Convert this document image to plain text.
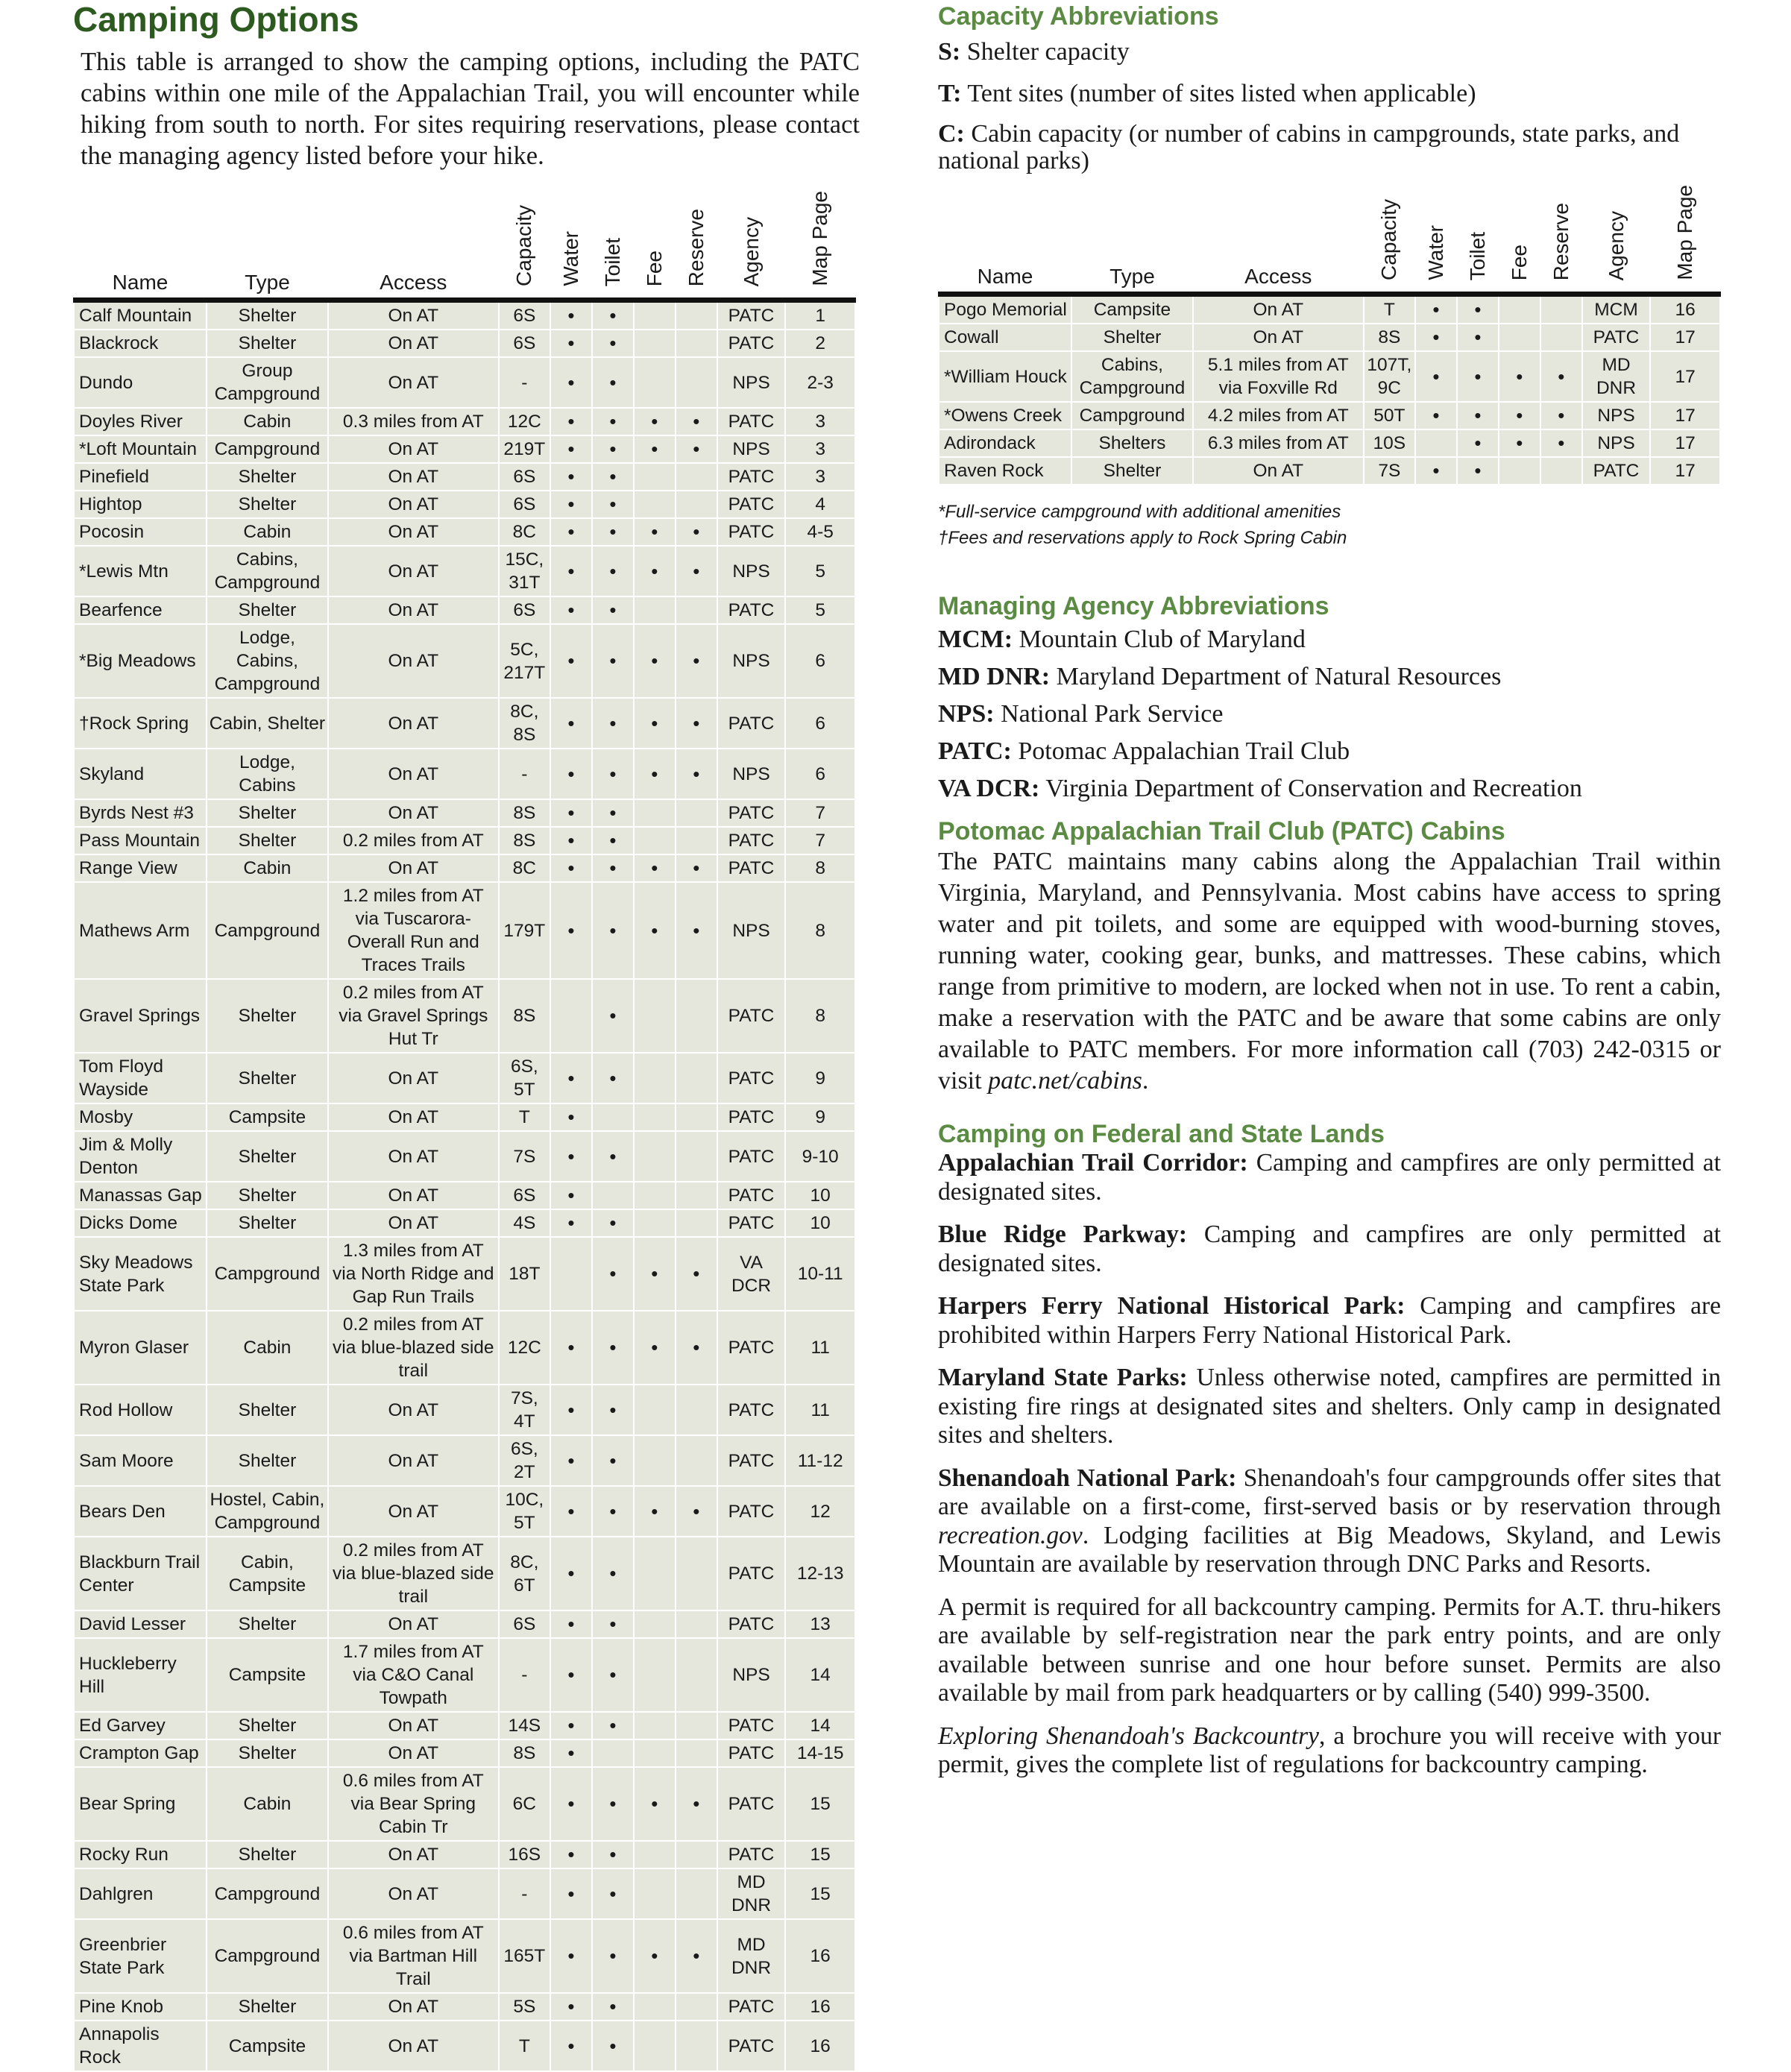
Camping Options

This table is arranged to show the camping options, including the PATC cabins within one mile of the Appalachian Trail, you will encounter while hiking from south to north. For sites requiring reservations, please contact the managing agency listed before your hike.

Name	Type	Access	Capacity	Water	Toilet	Fee	Reserve	Agency	Map Page
Calf Mountain	Shelter	On AT	6S	•	•			PATC	1
Blackrock	Shelter	On AT	6S	•	•			PATC	2
Dundo	Group Campground	On AT	-	•	•			NPS	2-3
Doyles River	Cabin	0.3 miles from AT	12C	•	•	•	•	PATC	3
*Loft Mountain	Campground	On AT	219T	•	•	•	•	NPS	3
Pinefield	Shelter	On AT	6S	•	•			PATC	3
Hightop	Shelter	On AT	6S	•	•			PATC	4
Pocosin	Cabin	On AT	8C	•	•	•	•	PATC	4-5
*Lewis Mtn	Cabins, Campground	On AT	15C, 31T	•	•	•	•	NPS	5
Bearfence	Shelter	On AT	6S	•	•			PATC	5
*Big Meadows	Lodge, Cabins, Campground	On AT	5C, 217T	•	•	•	•	NPS	6
†Rock Spring	Cabin, Shelter	On AT	8C, 8S	•	•	•	•	PATC	6
Skyland	Lodge, Cabins	On AT	-	•	•	•	•	NPS	6
Byrds Nest #3	Shelter	On AT	8S	•	•			PATC	7
Pass Mountain	Shelter	0.2 miles from AT	8S	•	•			PATC	7
Range View	Cabin	On AT	8C	•	•	•	•	PATC	8
Mathews Arm	Campground	1.2 miles from AT via Tuscarora-Overall Run and Traces Trails	179T	•	•	•	•	NPS	8
Gravel Springs	Shelter	0.2 miles from AT via Gravel Springs Hut Tr	8S		•			PATC	8
Tom Floyd Wayside	Shelter	On AT	6S, 5T	•	•			PATC	9
Mosby	Campsite	On AT	T	•				PATC	9
Jim & Molly Denton	Shelter	On AT	7S	•	•			PATC	9-10
Manassas Gap	Shelter	On AT	6S	•				PATC	10
Dicks Dome	Shelter	On AT	4S	•	•			PATC	10
Sky Meadows State Park	Campground	1.3 miles from AT via North Ridge and Gap Run Trails	18T		•	•	•	VA DCR	10-11
Myron Glaser	Cabin	0.2 miles from AT via blue-blazed side trail	12C	•	•	•	•	PATC	11
Rod Hollow	Shelter	On AT	7S, 4T	•	•			PATC	11
Sam Moore	Shelter	On AT	6S, 2T	•	•			PATC	11-12
Bears Den	Hostel, Cabin, Campground	On AT	10C, 5T	•	•	•	•	PATC	12
Blackburn Trail Center	Cabin, Campsite	0.2 miles from AT via blue-blazed side trail	8C, 6T	•	•			PATC	12-13
David Lesser	Shelter	On AT	6S	•	•			PATC	13
Huckleberry Hill	Campsite	1.7 miles from AT via C&O Canal Towpath	-	•	•			NPS	14
Ed Garvey	Shelter	On AT	14S	•	•			PATC	14
Crampton Gap	Shelter	On AT	8S	•				PATC	14-15
Bear Spring	Cabin	0.6 miles from AT via Bear Spring Cabin Tr	6C	•	•	•	•	PATC	15
Rocky Run	Shelter	On AT	16S	•	•			PATC	15
Dahlgren	Campground	On AT	-	•	•			MD DNR	15
Greenbrier State Park	Campground	0.6 miles from AT via Bartman Hill Trail	165T	•	•	•	•	MD DNR	16
Pine Knob	Shelter	On AT	5S	•	•			PATC	16
Annapolis Rock	Campsite	On AT	T	•	•			PATC	16
Capacity Abbreviations

S: Shelter capacity

T: Tent sites (number of sites listed when applicable)

C: Cabin capacity (or number of cabins in campgrounds, state parks, and national parks)

Name	Type	Access	Capacity	Water	Toilet	Fee	Reserve	Agency	Map Page
Pogo Memorial	Campsite	On AT	T	•	•			MCM	16
Cowall	Shelter	On AT	8S	•	•			PATC	17
*William Houck	Cabins, Campground	5.1 miles from AT via Foxville Rd	107T, 9C	•	•	•	•	MD DNR	17
*Owens Creek	Campground	4.2 miles from AT	50T	•	•	•	•	NPS	17
Adirondack	Shelters	6.3 miles from AT	10S		•	•	•	NPS	17
Raven Rock	Shelter	On AT	7S	•	•			PATC	17
*Full-service campground with additional amenities
†Fees and reservations apply to Rock Spring Cabin
Managing Agency Abbreviations

MCM: Mountain Club of Maryland

MD DNR: Maryland Department of Natural Resources

NPS: National Park Service

PATC: Potomac Appalachian Trail Club

VA DCR: Virginia Department of Conservation and Recreation

Potomac Appalachian Trail Club (PATC) Cabins

The PATC maintains many cabins along the Appalachian Trail within Virginia, Maryland, and Pennsylvania. Most cabins have access to spring water and pit toilets, and some are equipped with wood-burning stoves, running water, cooking gear, bunks, and mattresses. These cabins, which range from primitive to modern, are locked when not in use. To rent a cabin, make a reservation with the PATC and be aware that some cabins are only available to PATC members. For more information call (703) 242-0315 or visit patc.net/cabins.

Camping on Federal and State Lands

Appalachian Trail Corridor: Camping and campfires are only permitted at designated sites.

Blue Ridge Parkway: Camping and campfires are only permitted at designated sites.

Harpers Ferry National Historical Park: Camping and campfires are prohibited within Harpers Ferry National Historical Park.

Maryland State Parks: Unless otherwise noted, campfires are permitted in existing fire rings at designated sites and shelters. Only camp in designated sites and shelters.

Shenandoah National Park: Shenandoah's four campgrounds offer sites that are available on a first-come, first-served basis or by reservation through recreation.gov. Lodging facilities at Big Meadows, Skyland, and Lewis Mountain are available by reservation through DNC Parks and Resorts.

A permit is required for all backcountry camping. Permits for A.T. thru-hikers are available by self-registration near the park entry points, and are only available between sunrise and one hour before sunset. Permits are also available by mail from park headquarters or by calling (540) 999-3500.

Exploring Shenandoah's Backcountry, a brochure you will receive with your permit, gives the complete list of regulations for backcountry camping.
